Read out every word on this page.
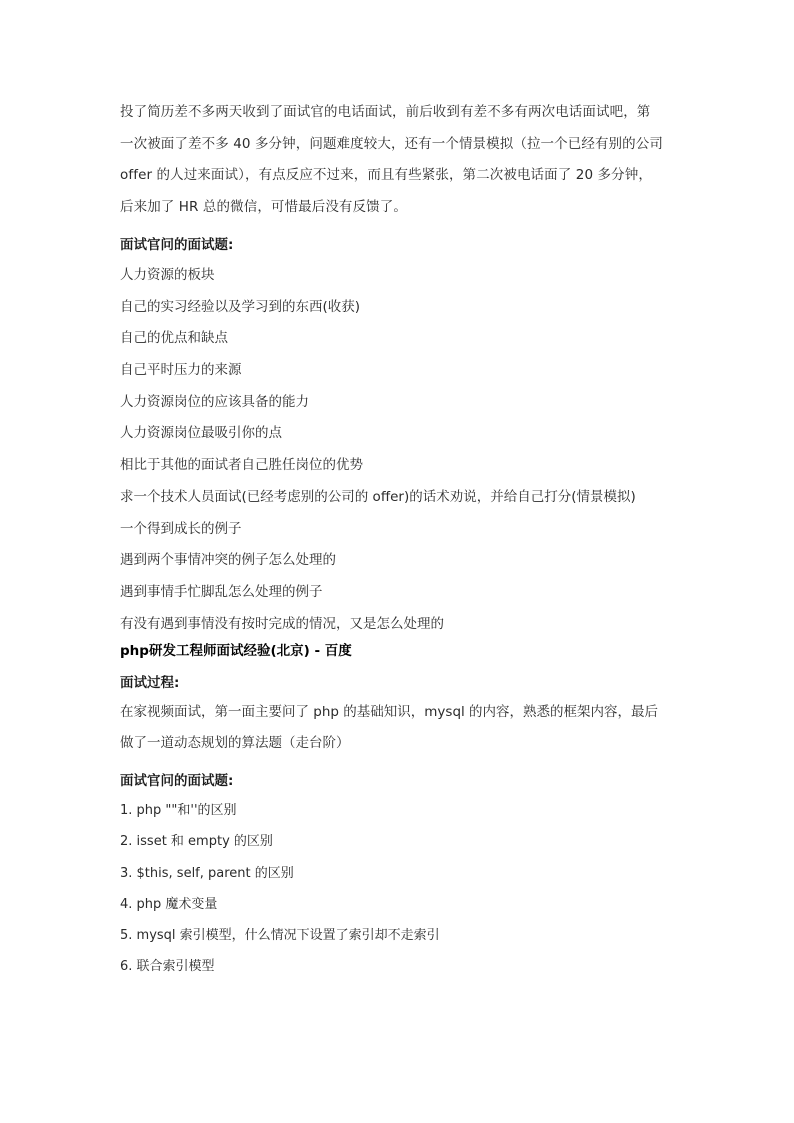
投了简历差不多两天收到了面试官的电话面试，前后收到有差不多有两次电话面试吧，第
一次被面了差不多 40 多分钟，问题难度较大，还有一个情景模拟（拉一个已经有别的公司
offer 的人过来面试），有点反应不过来，而且有些紧张，第二次被电话面了 20 多分钟，
后来加了 HR 总的微信，可惜最后没有反馈了。
面试官问的面试题:
人力资源的板块
自己的实习经验以及学习到的东西(收获)
自己的优点和缺点
自己平时压力的来源
人力资源岗位的应该具备的能力
人力资源岗位最吸引你的点
相比于其他的面试者自己胜任岗位的优势
求一个技术人员面试(已经考虑别的公司的 offer)的话术劝说，并给自己打分(情景模拟)
一个得到成长的例子
遇到两个事情冲突的例子怎么处理的
遇到事情手忙脚乱怎么处理的例子
有没有遇到事情没有按时完成的情况，又是怎么处理的
php研发工程师面试经验(北京) - 百度
面试过程:
在家视频面试，第一面主要问了 php 的基础知识，mysql 的内容，熟悉的框架内容，最后
做了一道动态规划的算法题（走台阶）
面试官问的面试题:
1. php ""和''的区别
2. isset 和 empty 的区别
3. $this, self, parent 的区别
4. php 魔术变量
5. mysql 索引模型，什么情况下设置了索引却不走索引
6. 联合索引模型
